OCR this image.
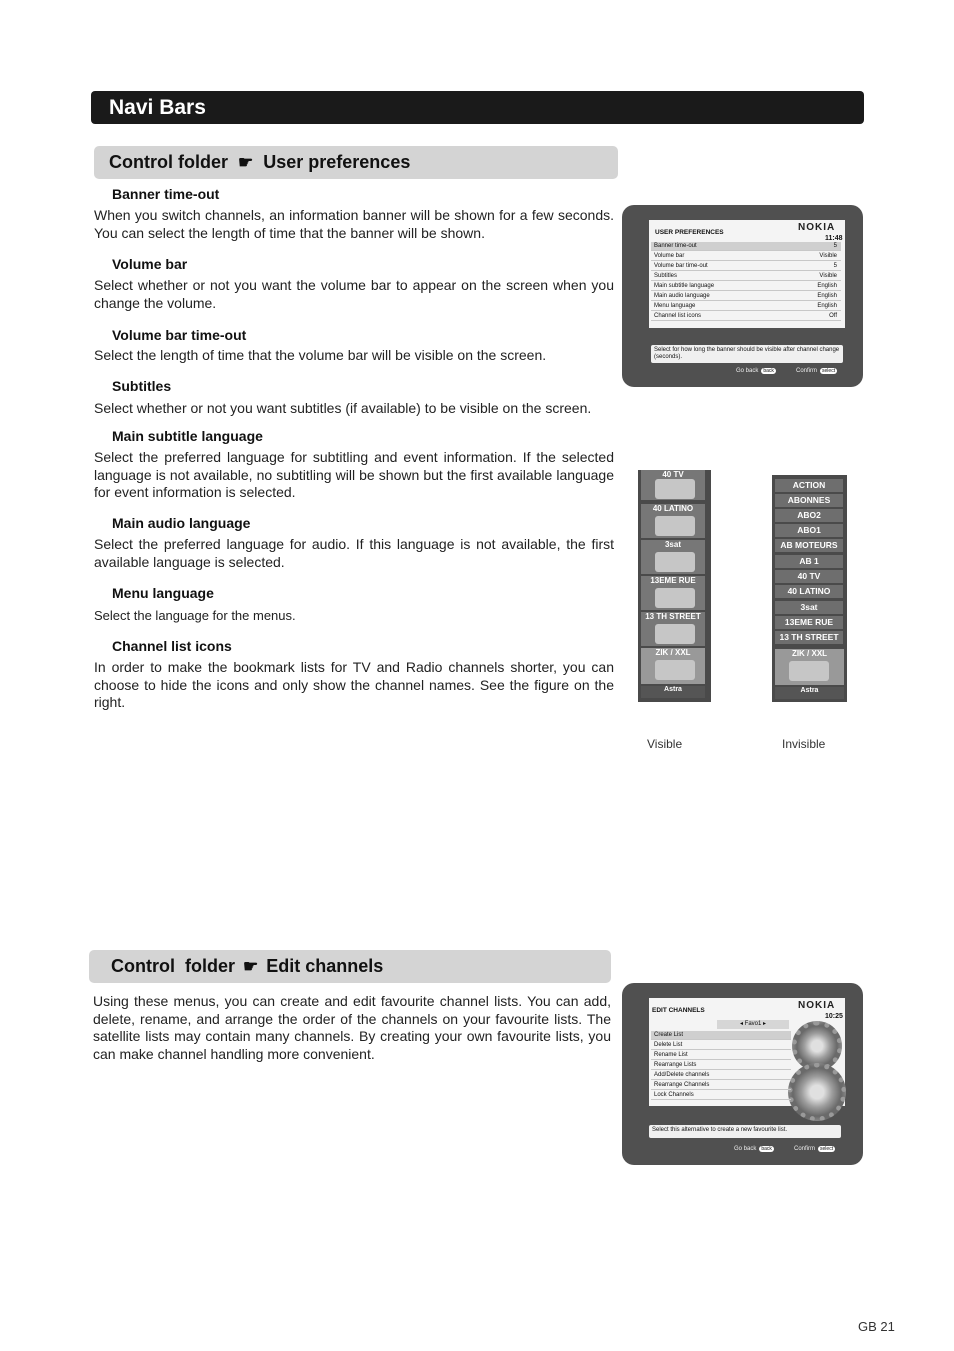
Navi Bars
Control folder ☛ User preferences
Banner time-out
When you switch channels, an information banner will be shown for a few seconds. You can select the length of time that the banner will be shown.
Volume bar
Select whether or not you want the volume bar to appear on the screen when you change the volume.
Volume bar time-out
Select the length of time that the volume bar will be visible on the screen.
Subtitles
Select whether or not you want subtitles (if available) to be visible on the screen.
Main subtitle language
Select the preferred language for subtitling and event information. If the selected language is not available, no subtitling will be shown but the first available language for event information is selected.
Main audio language
Select the preferred language for audio. If this language is not available, the first available language is selected.
Menu language
Select the language for the menus.
Channel list icons
In order to make the bookmark lists for TV and Radio channels shorter, you can choose to hide the icons and only show the channel names. See the figure on the right.
NOKIA
USER PREFERENCES
11:48
Banner time-out	5
Volume bar	Visible
Volume bar time-out	5
Subtitles	Visible
Main subtitle language	English
Main audio language	English
Menu language	English
Channel list icons	Off
Select for how long the banner should be visible after channel change (seconds).
Go back back	Confirm select
40 TV
40 LATINO
3sat
13EME RUE
13 TH STREET
ZIK / XXL
Astra
Visible
ACTION
ABONNES
ABO2
ABO1
AB MOTEURS
AB 1
40 TV
40 LATINO
3sat
13EME RUE
13 TH STREET
ZIK / XXL
Astra
Invisible
Control  folder ☛ Edit channels
Using these menus, you can create and edit favourite channel lists. You can add, delete, rename, and arrange the order of the channels on your favourite lists. The satellite lists may contain many channels. By creating your own favourite lists, you can make channel handling more convenient.
NOKIA
EDIT CHANNELS
10:25
◂ Favo1 ▸
Create List
Delete List
Rename List
Rearrange Lists
Add/Delete channels
Rearrange Channels
Lock Channels
Select this alternative to create a new favourite list.
Go back back	Confirm select
GB 21
